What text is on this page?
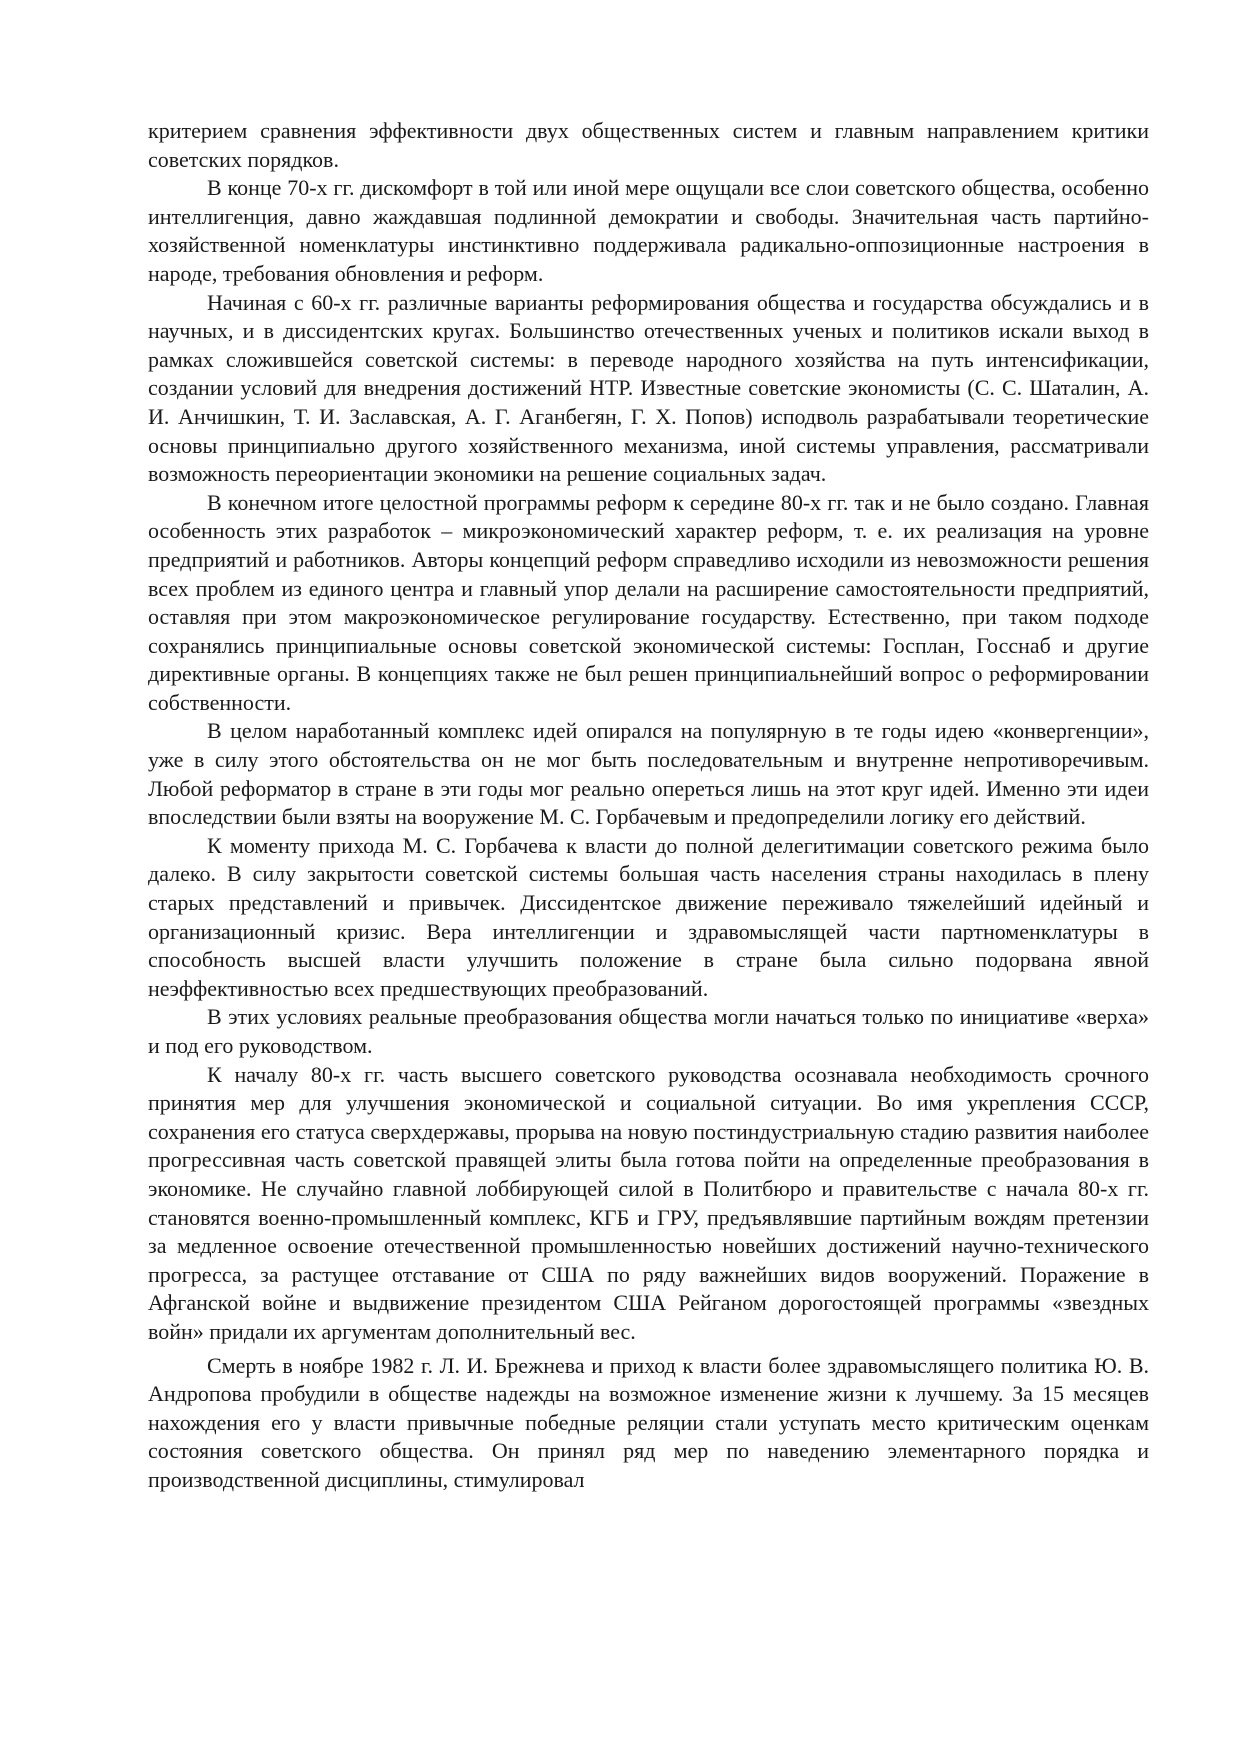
критерием сравнения эффективности двух общественных систем и главным направлением критики советских порядков.

В конце 70-х гг. дискомфорт в той или иной мере ощущали все слои советского общества, особенно интеллигенция, давно жаждавшая подлинной демократии и свободы. Значительная часть партийно-хозяйственной номенклатуры инстинктивно поддерживала радикально-оппозиционные настроения в народе, требования обновления и реформ.

Начиная с 60-х гг. различные варианты реформирования общества и государства обсуждались и в научных, и в диссидентских кругах. Большинство отечественных ученых и политиков искали выход в рамках сложившейся советской системы: в переводе народного хозяйства на путь интенсификации, создании условий для внедрения достижений НТР. Известные советские экономисты (С. С. Шаталин, А. И. Анчишкин, Т. И. Заславская, А. Г. Аганбегян, Г. Х. Попов) исподволь разрабатывали теоретические основы принципиально другого хозяйственного механизма, иной системы управления, рассматривали возможность переориентации экономики на решение социальных задач.

В конечном итоге целостной программы реформ к середине 80-х гг. так и не было создано. Главная особенность этих разработок – микроэкономический характер реформ, т. е. их реализация на уровне предприятий и работников. Авторы концепций реформ справедливо исходили из невозможности решения всех проблем из единого центра и главный упор делали на расширение самостоятельности предприятий, оставляя при этом макроэкономическое регулирование государству. Естественно, при таком подходе сохранялись принципиальные основы советской экономической системы: Госплан, Госснаб и другие директивные органы. В концепциях также не был решен принципиальнейший вопрос о реформировании собственности.

В целом наработанный комплекс идей опирался на популярную в те годы идею «конвергенции», уже в силу этого обстоятельства он не мог быть последовательным и внутренне непротиворечивым. Любой реформатор в стране в эти годы мог реально опереться лишь на этот круг идей. Именно эти идеи впоследствии были взяты на вооружение М. С. Горбачевым и предопределили логику его действий.

К моменту прихода М. С. Горбачева к власти до полной делегитимации советского режима было далеко. В силу закрытости советской системы большая часть населения страны находилась в плену старых представлений и привычек. Диссидентское движение переживало тяжелейший идейный и организационный кризис. Вера интеллигенции и здравомыслящей части партноменклатуры в способность высшей власти улучшить положение в стране была сильно подорвана явной неэффективностью всех предшествующих преобразований.

В этих условиях реальные преобразования общества могли начаться только по инициативе «верха» и под его руководством.

К началу 80-х гг. часть высшего советского руководства осознавала необходимость срочного принятия мер для улучшения экономической и социальной ситуации. Во имя укрепления СССР, сохранения его статуса сверхдержавы, прорыва на новую постиндустриальную стадию развития наиболее прогрессивная часть советской правящей элиты была готова пойти на определенные преобразования в экономике. Не случайно главной лоббирующей силой в Политбюро и правительстве с начала 80-х гг. становятся военно-промышленный комплекс, КГБ и ГРУ, предъявлявшие партийным вождям претензии за медленное освоение отечественной промышленностью новейших достижений научно-технического прогресса, за растущее отставание от США по ряду важнейших видов вооружений. Поражение в Афганской войне и выдвижение президентом США Рейганом дорогостоящей программы «звездных войн» придали их аргументам дополнительный вес.

Смерть в ноябре 1982 г. Л. И. Брежнева и приход к власти более здравомыслящего политика Ю. В. Андропова пробудили в обществе надежды на возможное изменение жизни к лучшему. За 15 месяцев нахождения его у власти привычные победные реляции стали уступать место критическим оценкам состояния советского общества. Он принял ряд мер по наведению элементарного порядка и производственной дисциплины, стимулировал
